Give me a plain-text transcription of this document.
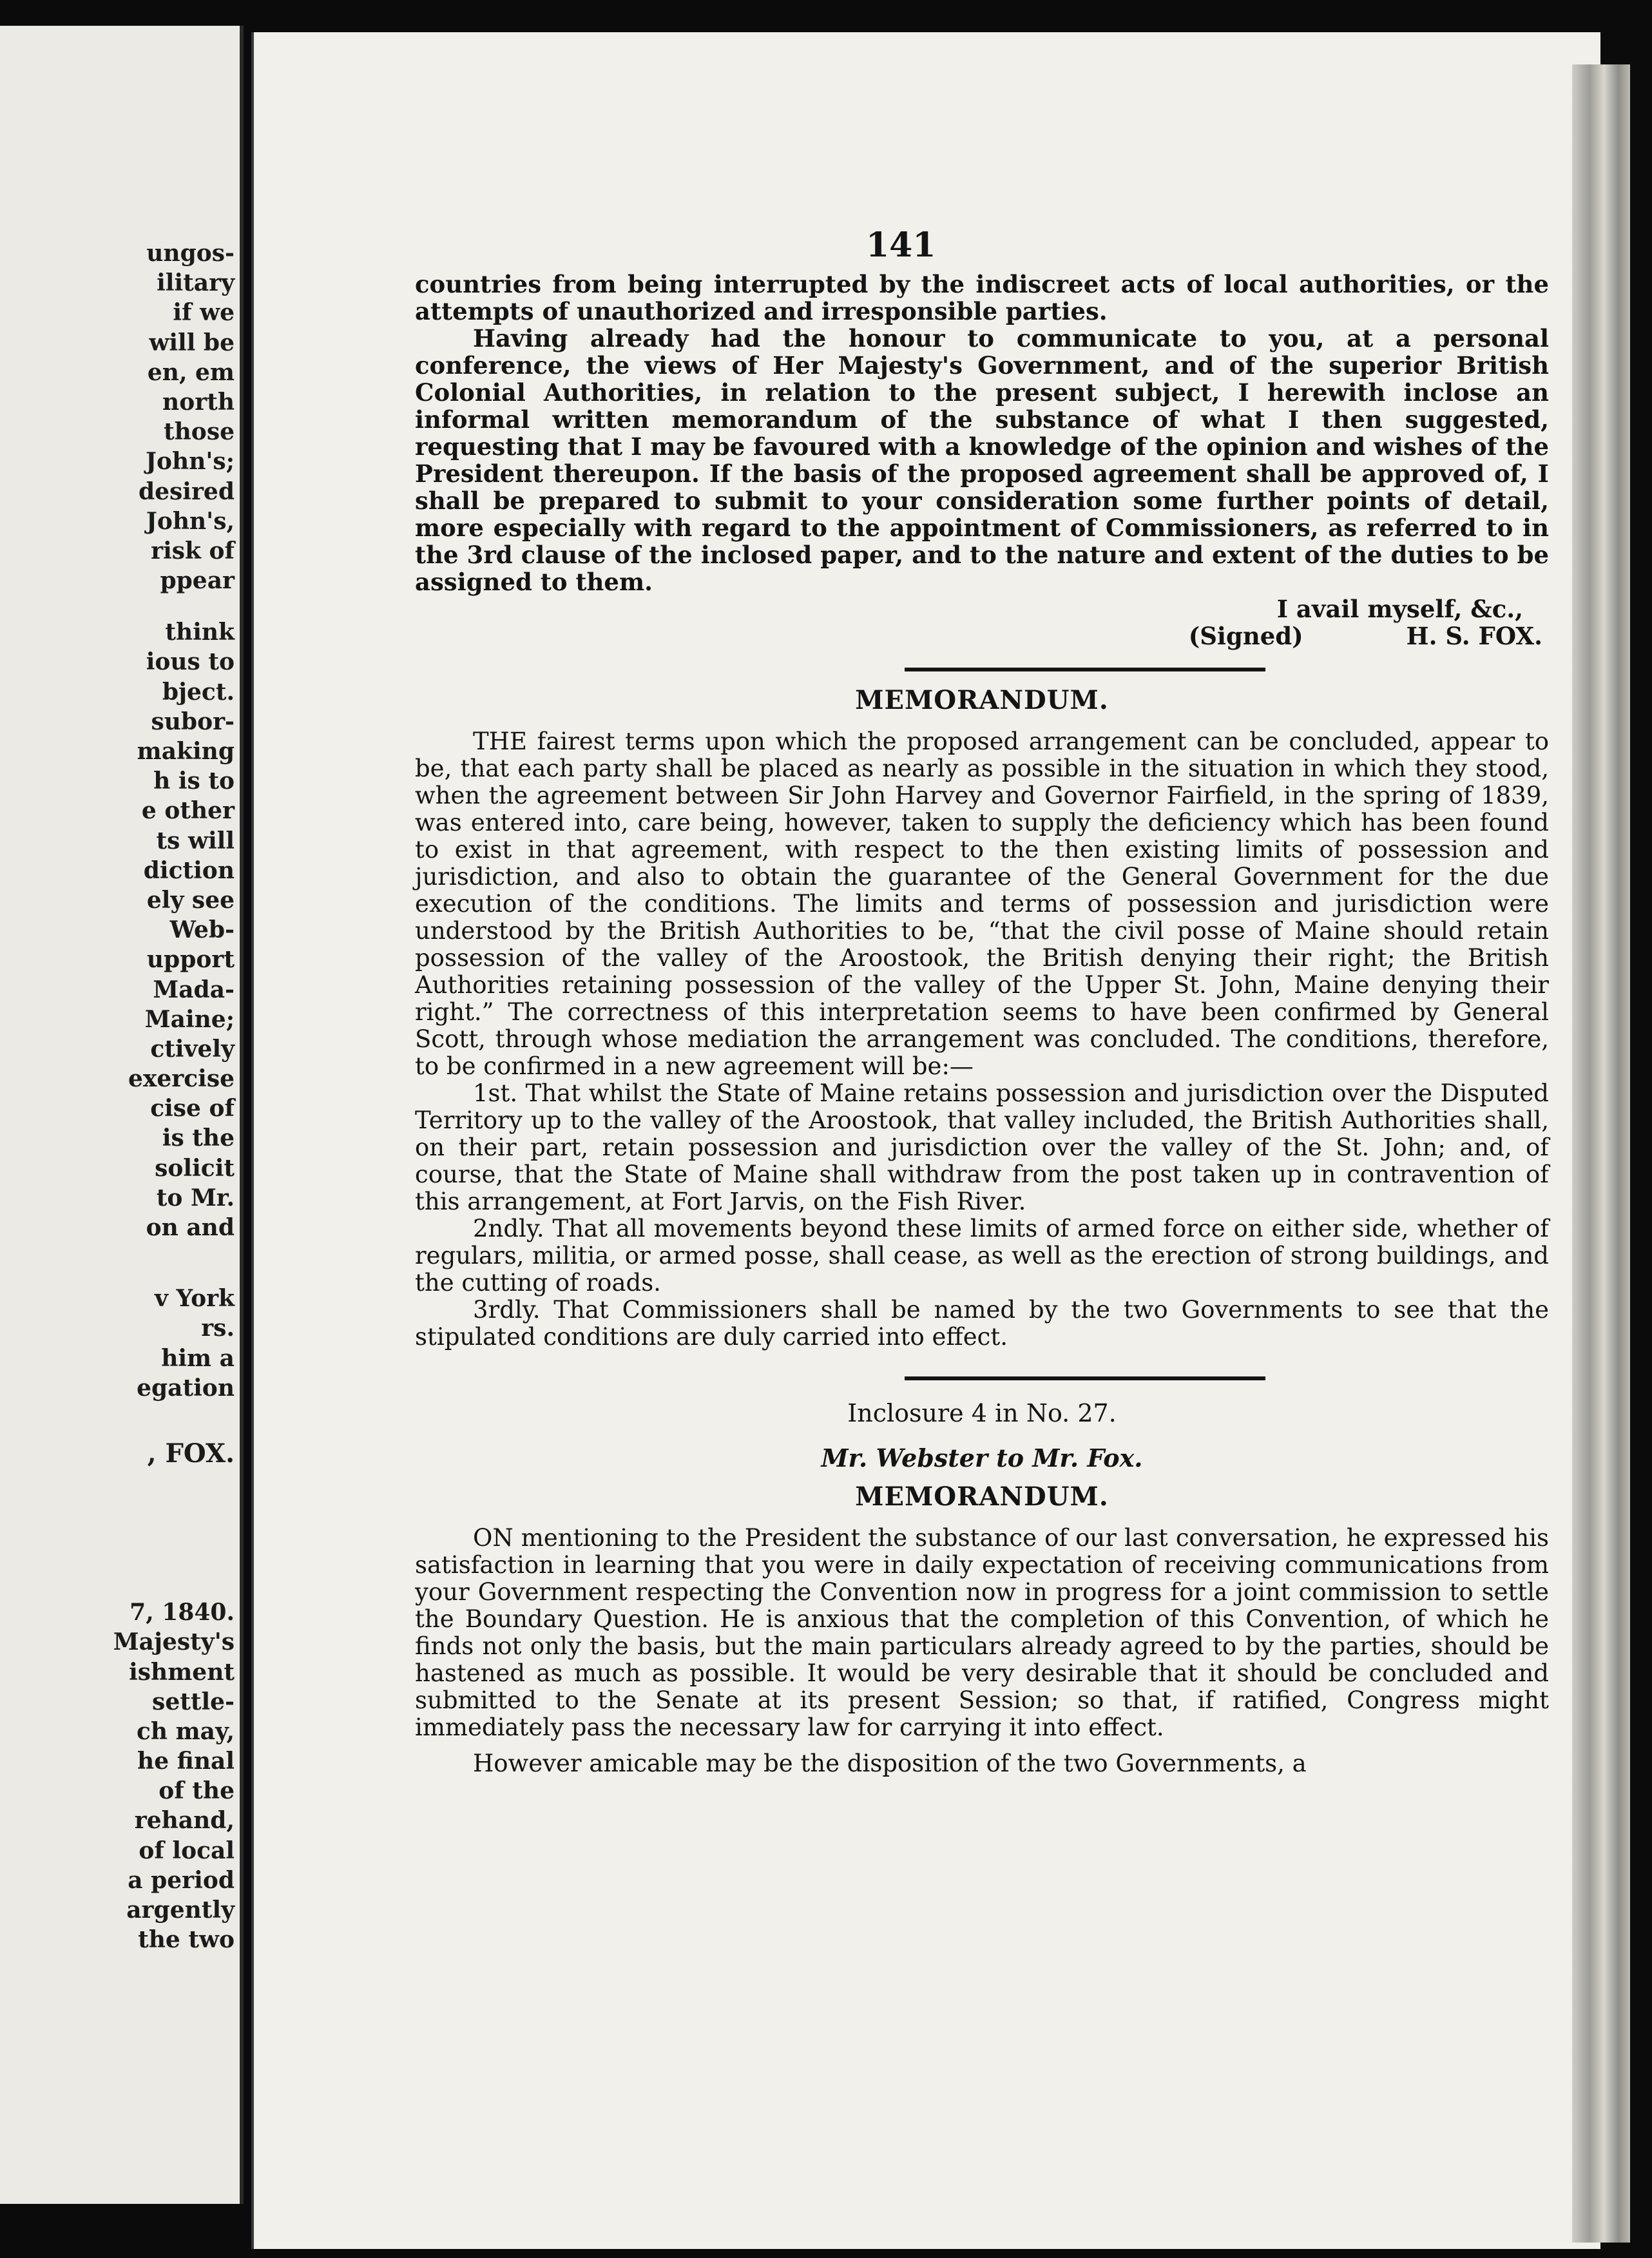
ungos-
ilitary
if we
will be
en, em
north
those
John's;
desired
John's,
risk of
ppear
think
ious to
bject.
subor-
making
h is to
e other
ts will
diction
ely see
Web-
upport
Mada-
Maine;
ctively
exercise
cise of
is the
solicit
to Mr.
on and
v York
rs.
him a
egation
, FOX.
7, 1840.
Majesty's
ishment
settle-
ch may,
he final
of the
rehand,
of local
a period
argently
the two
141

countries from being interrupted by the indiscreet acts of local authorities, or the attempts of unauthorized and irresponsible parties.

Having already had the honour to communicate to you, at a personal conference, the views of Her Majesty's Government, and of the superior British Colonial Authorities, in relation to the present subject, I herewith inclose an informal written memorandum of the substance of what I then suggested, requesting that I may be favoured with a knowledge of the opinion and wishes of the President thereupon. If the basis of the proposed agreement shall be approved of, I shall be prepared to submit to your consideration some further points of detail, more especially with regard to the appointment of Commissioners, as referred to in the 3rd clause of the inclosed paper, and to the nature and extent of the duties to be assigned to them.

I avail myself, &c.,

(Signed)	H. S. FOX.
MEMORANDUM.

THE fairest terms upon which the proposed arrangement can be concluded, appear to be, that each party shall be placed as nearly as possible in the situation in which they stood, when the agreement between Sir John Harvey and Governor Fairfield, in the spring of 1839, was entered into, care being, however, taken to supply the deficiency which has been found to exist in that agreement, with respect to the then existing limits of possession and jurisdiction, and also to obtain the guarantee of the General Government for the due execution of the conditions. The limits and terms of possession and jurisdiction were understood by the British Authorities to be, “that the civil posse of Maine should retain possession of the valley of the Aroostook, the British denying their right; the British Authorities retaining possession of the valley of the Upper St. John, Maine denying their right.” The correctness of this interpretation seems to have been confirmed by General Scott, through whose mediation the arrangement was concluded. The conditions, therefore, to be confirmed in a new agreement will be:—

1st. That whilst the State of Maine retains possession and jurisdiction over the Disputed Territory up to the valley of the Aroostook, that valley included, the British Authorities shall, on their part, retain possession and jurisdiction over the valley of the St. John; and, of course, that the State of Maine shall withdraw from the post taken up in contravention of this arrangement, at Fort Jarvis, on the Fish River.

2ndly. That all movements beyond these limits of armed force on either side, whether of regulars, militia, or armed posse, shall cease, as well as the erection of strong buildings, and the cutting of roads.

3rdly. That Commissioners shall be named by the two Governments to see that the stipulated conditions are duly carried into effect.

Inclosure 4 in No. 27.
Mr. Webster to Mr. Fox.
MEMORANDUM.

ON mentioning to the President the substance of our last conversation, he expressed his satisfaction in learning that you were in daily expectation of receiving communications from your Government respecting the Convention now in progress for a joint commission to settle the Boundary Question. He is anxious that the completion of this Convention, of which he finds not only the basis, but the main particulars already agreed to by the parties, should be hastened as much as possible. It would be very desirable that it should be concluded and submitted to the Senate at its present Session; so that, if ratified, Congress might immediately pass the necessary law for carrying it into effect.

However amicable may be the disposition of the two Governments, a
